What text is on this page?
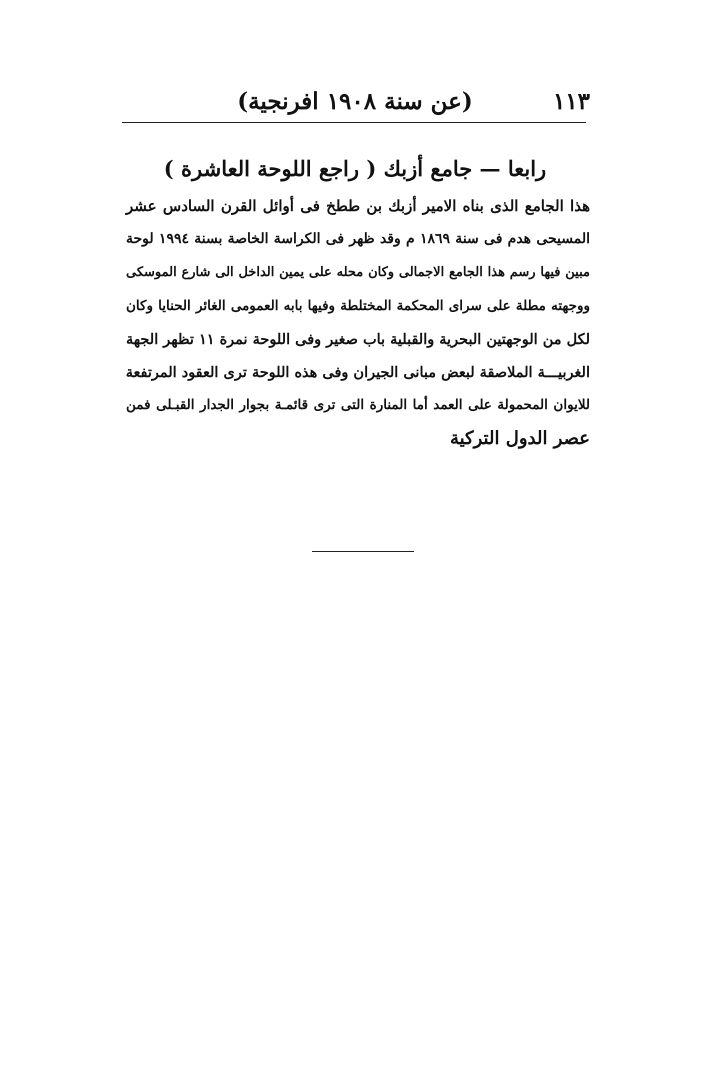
١١٣
(عن سنة ١٩٠٨ افرنجية)
رابعا — جامع أزبك ( راجع اللوحة العاشرة )
هذا الجامع الذى بناه الامير أزبك بن ططخ فى أوائل القرن السادس عشر
المسيحى هدم فى سنة ١٨٦٩ م وقد ظهر فى الكراسة الخاصة بسنة ١٩٩٤ لوحة
مبين فيها رسم هذا الجامع الاجمالى وكان محله على يمين الداخل الى شارع الموسكى
ووجهته مطلة على سراى المحكمة المختلطة وفيها بابه العمومى الغائر الحنايا وكان
لكل من الوجهتين البحرية والقبلية باب صغير وفى اللوحة نمرة ١١ تظهر الجهة
الغربيـــة الملاصقة لبعض مبانى الجيران وفى هذه اللوحة ترى العقود المرتفعة
للايوان المحمولة على العمد أما المنارة التى ترى قائمـة بجوار الجدار القبـلى فمن
عصر الدول التركية
